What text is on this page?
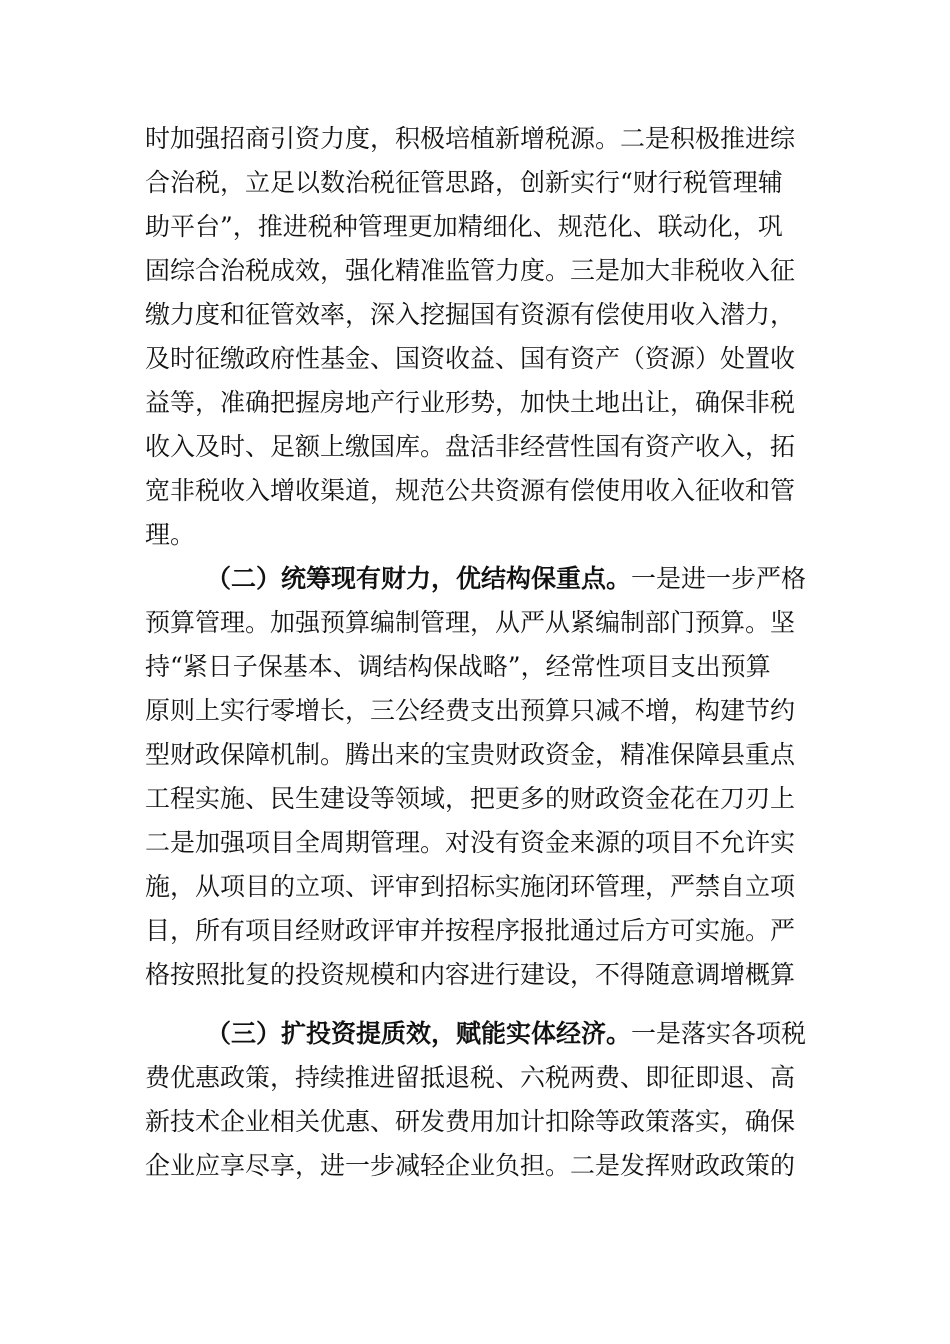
时加强招商引资力度，积极培植新增税源。二是积极推进综
合治税，立足以数治税征管思路，创新实行“财行税管理辅
助平台”，推进税种管理更加精细化、规范化、联动化，巩
固综合治税成效，强化精准监管力度。三是加大非税收入征
缴力度和征管效率，深入挖掘国有资源有偿使用收入潜力，
及时征缴政府性基金、国资收益、国有资产（资源）处置收
益等，准确把握房地产行业形势，加快土地出让，确保非税
收入及时、足额上缴国库。盘活非经营性国有资产收入，拓
宽非税收入增收渠道，规范公共资源有偿使用收入征收和管
理。
（二）统筹现有财力，优结构保重点。一是进一步严格
预算管理。加强预算编制管理，从严从紧编制部门预算。坚
持“紧日子保基本、调结构保战略”，经常性项目支出预算
原则上实行零增长，三公经费支出预算只减不增，构建节约
型财政保障机制。腾出来的宝贵财政资金，精准保障县重点
工程实施、民生建设等领域，把更多的财政资金花在刀刃上
二是加强项目全周期管理。对没有资金来源的项目不允许实
施，从项目的立项、评审到招标实施闭环管理，严禁自立项
目，所有项目经财政评审并按程序报批通过后方可实施。严
格按照批复的投资规模和内容进行建设，不得随意调增概算
（三）扩投资提质效，赋能实体经济。一是落实各项税
费优惠政策，持续推进留抵退税、六税两费、即征即退、高
新技术企业相关优惠、研发费用加计扣除等政策落实，确保
企业应享尽享，进一步减轻企业负担。二是发挥财政政策的
